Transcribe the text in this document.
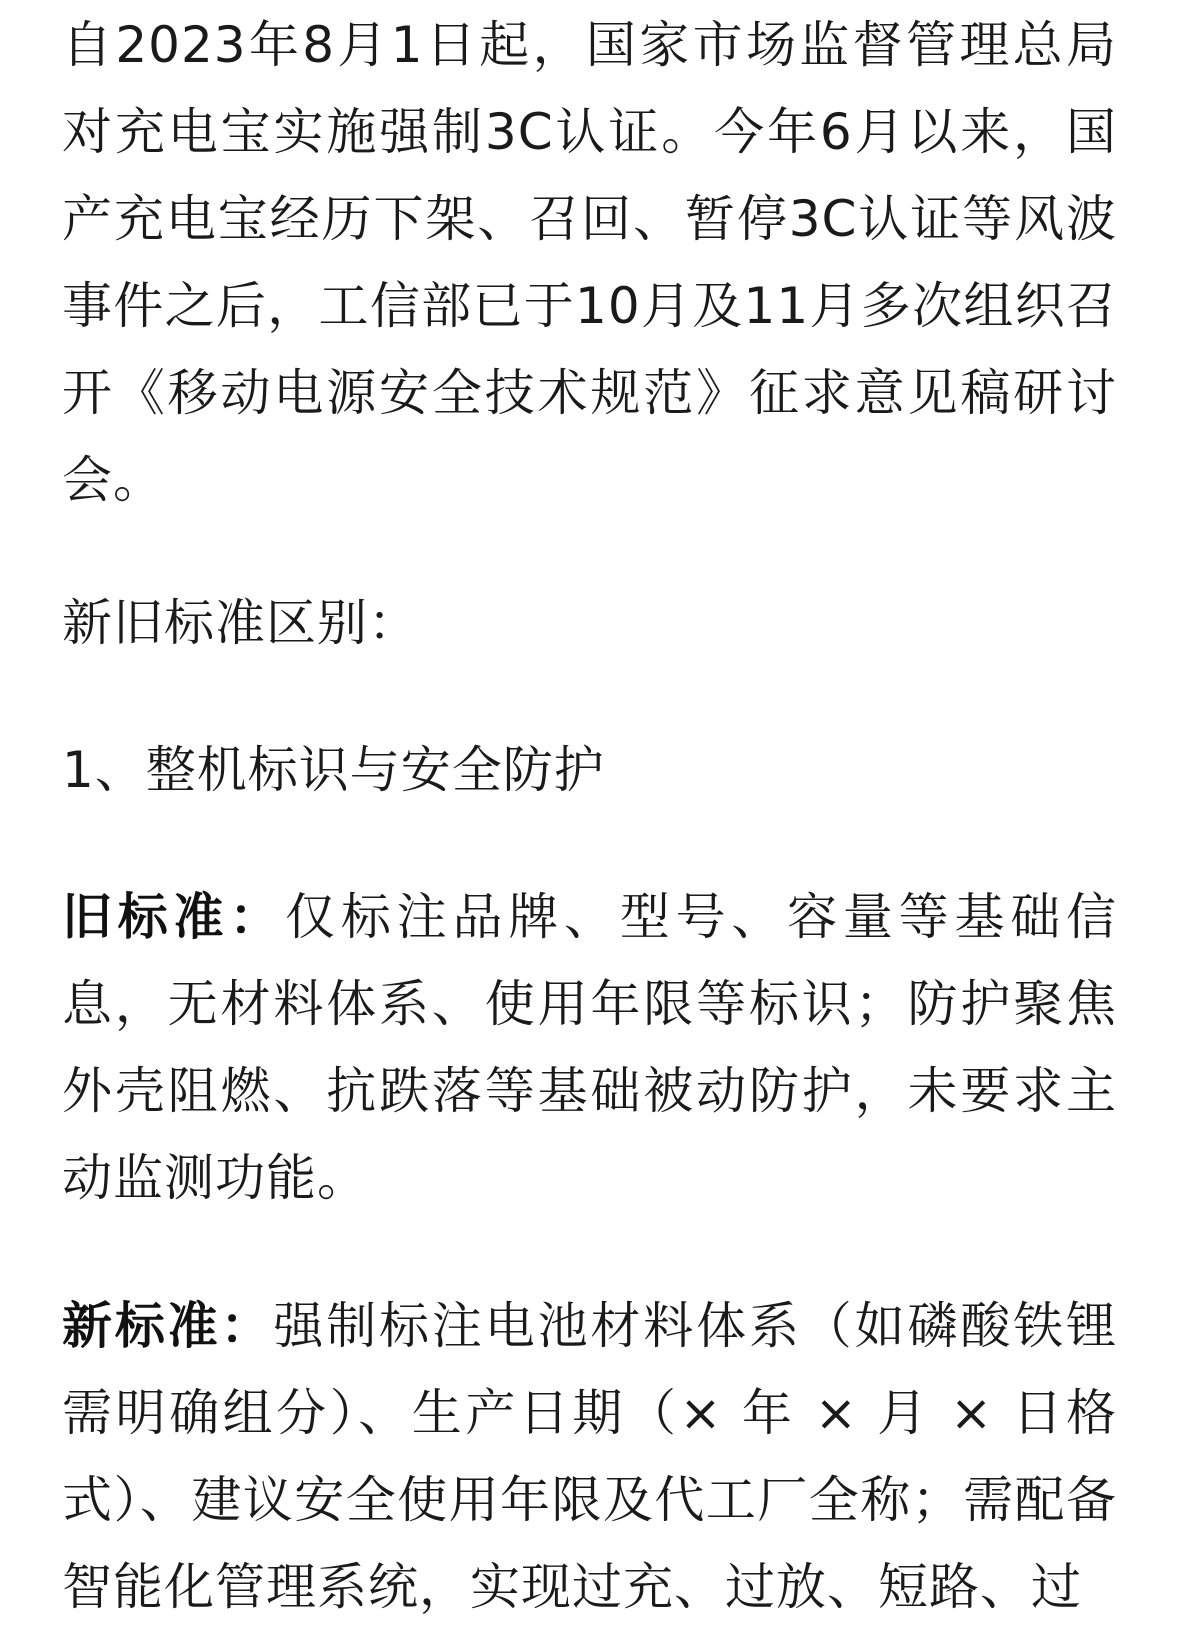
自2023年8月1日起，国家市场监督管理总局对充电宝实施强制3C认证。今年6月以来，国产充电宝经历下架、召回、暂停3C认证等风波事件之后，工信部已于10月及11月多次组织召开《移动电源安全技术规范》征求意见稿研讨会。

新旧标准区别：

1、整机标识与安全防护

旧标准：仅标注品牌、型号、容量等基础信息，无材料体系、使用年限等标识；防护聚焦外壳阻燃、抗跌落等基础被动防护，未要求主动监测功能。

新标准：强制标注电池材料体系（如磷酸铁锂需明确组分）、生产日期（× 年 × 月 × 日格式）、建议安全使用年限及代工厂全称；需配备智能化管理系统，实现过充、过放、短路、过
